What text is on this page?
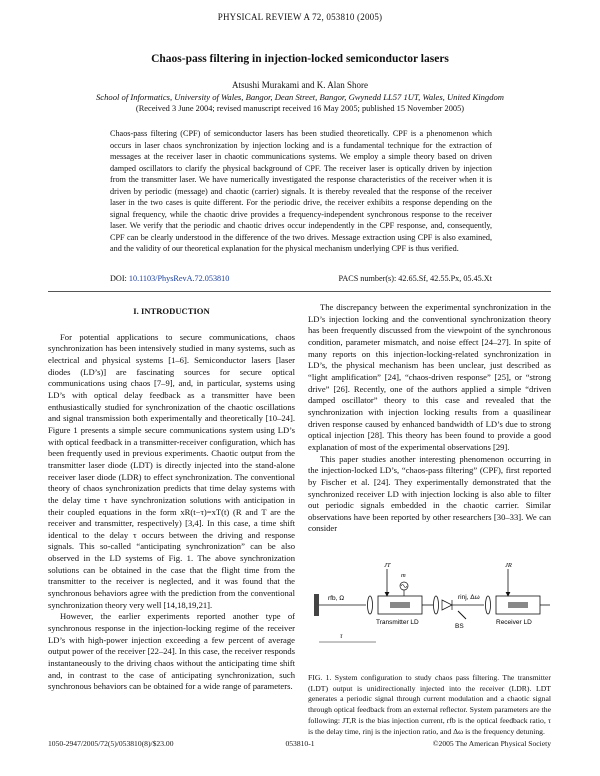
PHYSICAL REVIEW A 72, 053810 (2005)
Chaos-pass filtering in injection-locked semiconductor lasers
Atsushi Murakami and K. Alan Shore
School of Informatics, University of Wales, Bangor, Dean Street, Bangor, Gwynedd LL57 1UT, Wales, United Kingdom
(Received 3 June 2004; revised manuscript received 16 May 2005; published 15 November 2005)
Chaos-pass filtering (CPF) of semiconductor lasers has been studied theoretically. CPF is a phenomenon which occurs in laser chaos synchronization by injection locking and is a fundamental technique for the extraction of messages at the receiver laser in chaotic communications systems. We employ a simple theory based on driven damped oscillators to clarify the physical background of CPF. The receiver laser is optically driven by injection from the transmitter laser. We have numerically investigated the response characteristics of the receiver when it is driven by periodic (message) and chaotic (carrier) signals. It is thereby revealed that the response of the receiver laser in the two cases is quite different. For the periodic drive, the receiver exhibits a response depending on the signal frequency, while the chaotic drive provides a frequency-independent synchronous response to the receiver laser. We verify that the periodic and chaotic drives occur independently in the CPF response, and, consequently, CPF can be clearly understood in the difference of the two drives. Message extraction using CPF is also examined, and the validity of our theoretical explanation for the physical mechanism underlying CPF is thus verified.
DOI: 10.1103/PhysRevA.72.053810	PACS number(s): 42.65.Sf, 42.55.Px, 05.45.Xt
I. INTRODUCTION

For potential applications to secure communications, chaos synchronization has been intensively studied in many systems, such as electrical and physical systems [1–6]. Semiconductor lasers [laser diodes (LD’s)] are fascinating sources for secure optical communications using chaos [7–9], and, in particular, systems using LD’s with optical delay feedback as a transmitter have been enthusiastically studied for synchronization of the chaotic oscillations and signal transmission both experimentally and theoretically [10–24]. Figure 1 presents a simple secure communications system using LD’s with optical feedback in a transmitter-receiver configuration, which has been frequently used in previous experiments. Chaotic output from the transmitter laser diode (LDT) is directly injected into the stand-alone receiver laser diode (LDR) to effect synchronization. The conventional theory of chaos synchronization predicts that time delay systems with the delay time τ have synchronization solutions with anticipation in their coupled equations in the form xR(t−τ)=xT(t) (R and T are the receiver and transmitter, respectively) [3,4]. In this case, a time shift identical to the delay τ occurs between the driving and response signals. This so-called “anticipating synchronization” can be also observed in the LD systems of Fig. 1. The above synchronization solutions can be obtained in the case that the flight time from the transmitter to the receiver is neglected, and it was found that the synchronous behaviors agree with the prediction from the conventional synchronization theory very well [14,18,19,21].

However, the earlier experiments reported another type of synchronous response in the injection-locking regime of the receiver LD’s with high-power injection exceeding a few percent of average output power of the receiver [22–24]. In this case, the receiver responds instantaneously to the driving chaos without the anticipating time shift and, in contrast to the case of anticipating synchronization, such synchronous behaviors can be obtained for a wide range of parameters.

The discrepancy between the experimental synchronization in the LD’s injection locking and the conventional synchronization theory has been frequently discussed from the viewpoint of the synchronous condition, parameter mismatch, and noise effect [24–27]. In spite of many reports on this injection-locking-related synchronization in LD’s, the physical mechanism has been unclear, just described as “light amplification” [24], “chaos-driven response” [25], or “strong drive” [26]. Recently, one of the authors applied a simple “driven damped oscillator” theory to this case and revealed that the synchronization with injection locking results from a quasilinear driven response caused by enhanced bandwidth of LD’s due to strong optical injection [28]. This theory has been found to provide a good explanation of most of the experimental observations [29].

This paper studies another interesting phenomenon occurring in the injection-locked LD’s, “chaos-pass filtering” (CPF), first reported by Fischer et al. [24]. They experimentally demonstrated that the synchronized receiver LD with injection locking is also able to filter out periodic signals embedded in the chaotic carrier. Similar observations have been reported by other researchers [30–33]. We can consider

rfb, Ω
Transmitter LD
JT
m
rinj, Δω
BS
Receiver LD
JR
τ
FIG. 1. System configuration to study chaos pass filtering. The transmitter (LDT) output is unidirectionally injected into the receiver (LDR). LDT generates a periodic signal through current modulation and a chaotic signal through optical feedback from an external reflector. System parameters are the following: JT,R is the bias injection current, rfb is the optical feedback ratio, τ is the delay time, rinj is the injection ratio, and Δω is the frequency detuning.
1050-2947/2005/72(5)/053810(8)/$23.00	053810-1	©2005 The American Physical Society
